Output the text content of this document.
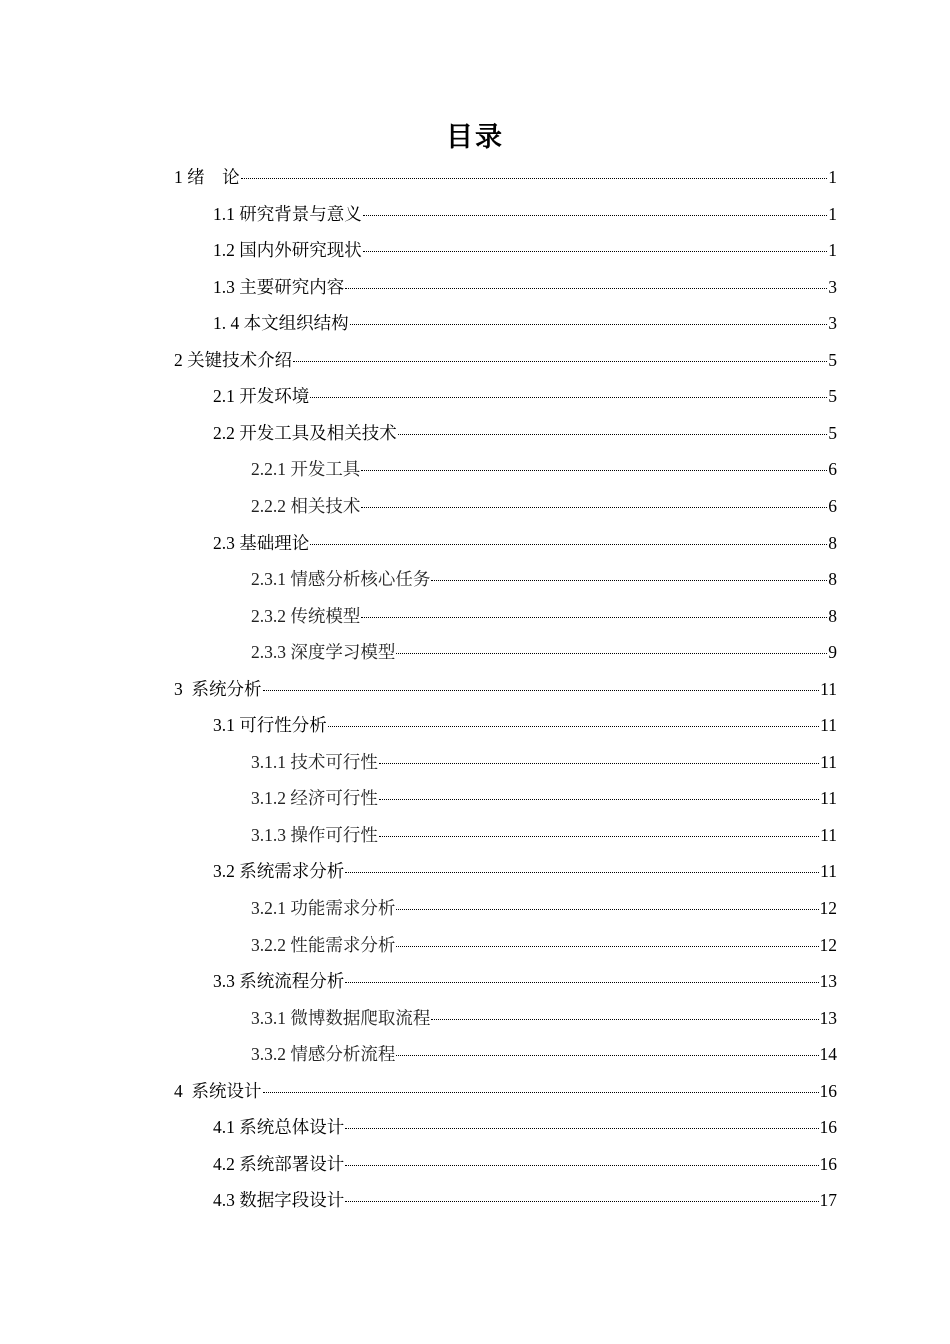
目录
1 绪    论	1
1.1 研究背景与意义	1
1.2 国内外研究现状	1
1.3 主要研究内容	3
1. 4 本文组织结构	3
2 关键技术介绍	5
2.1 开发环境	5
2.2 开发工具及相关技术	5
2.2.1 开发工具	6
2.2.2 相关技术	6
2.3 基础理论	8
2.3.1 情感分析核心任务	8
2.3.2 传统模型	8
2.3.3 深度学习模型	9
3  系统分析	11
3.1 可行性分析	11
3.1.1 技术可行性	11
3.1.2 经济可行性	11
3.1.3 操作可行性	11
3.2 系统需求分析	11
3.2.1 功能需求分析	12
3.2.2 性能需求分析	12
3.3 系统流程分析	13
3.3.1 微博数据爬取流程	13
3.3.2 情感分析流程	14
4  系统设计	16
4.1 系统总体设计	16
4.2 系统部署设计	16
4.3 数据字段设计	17
